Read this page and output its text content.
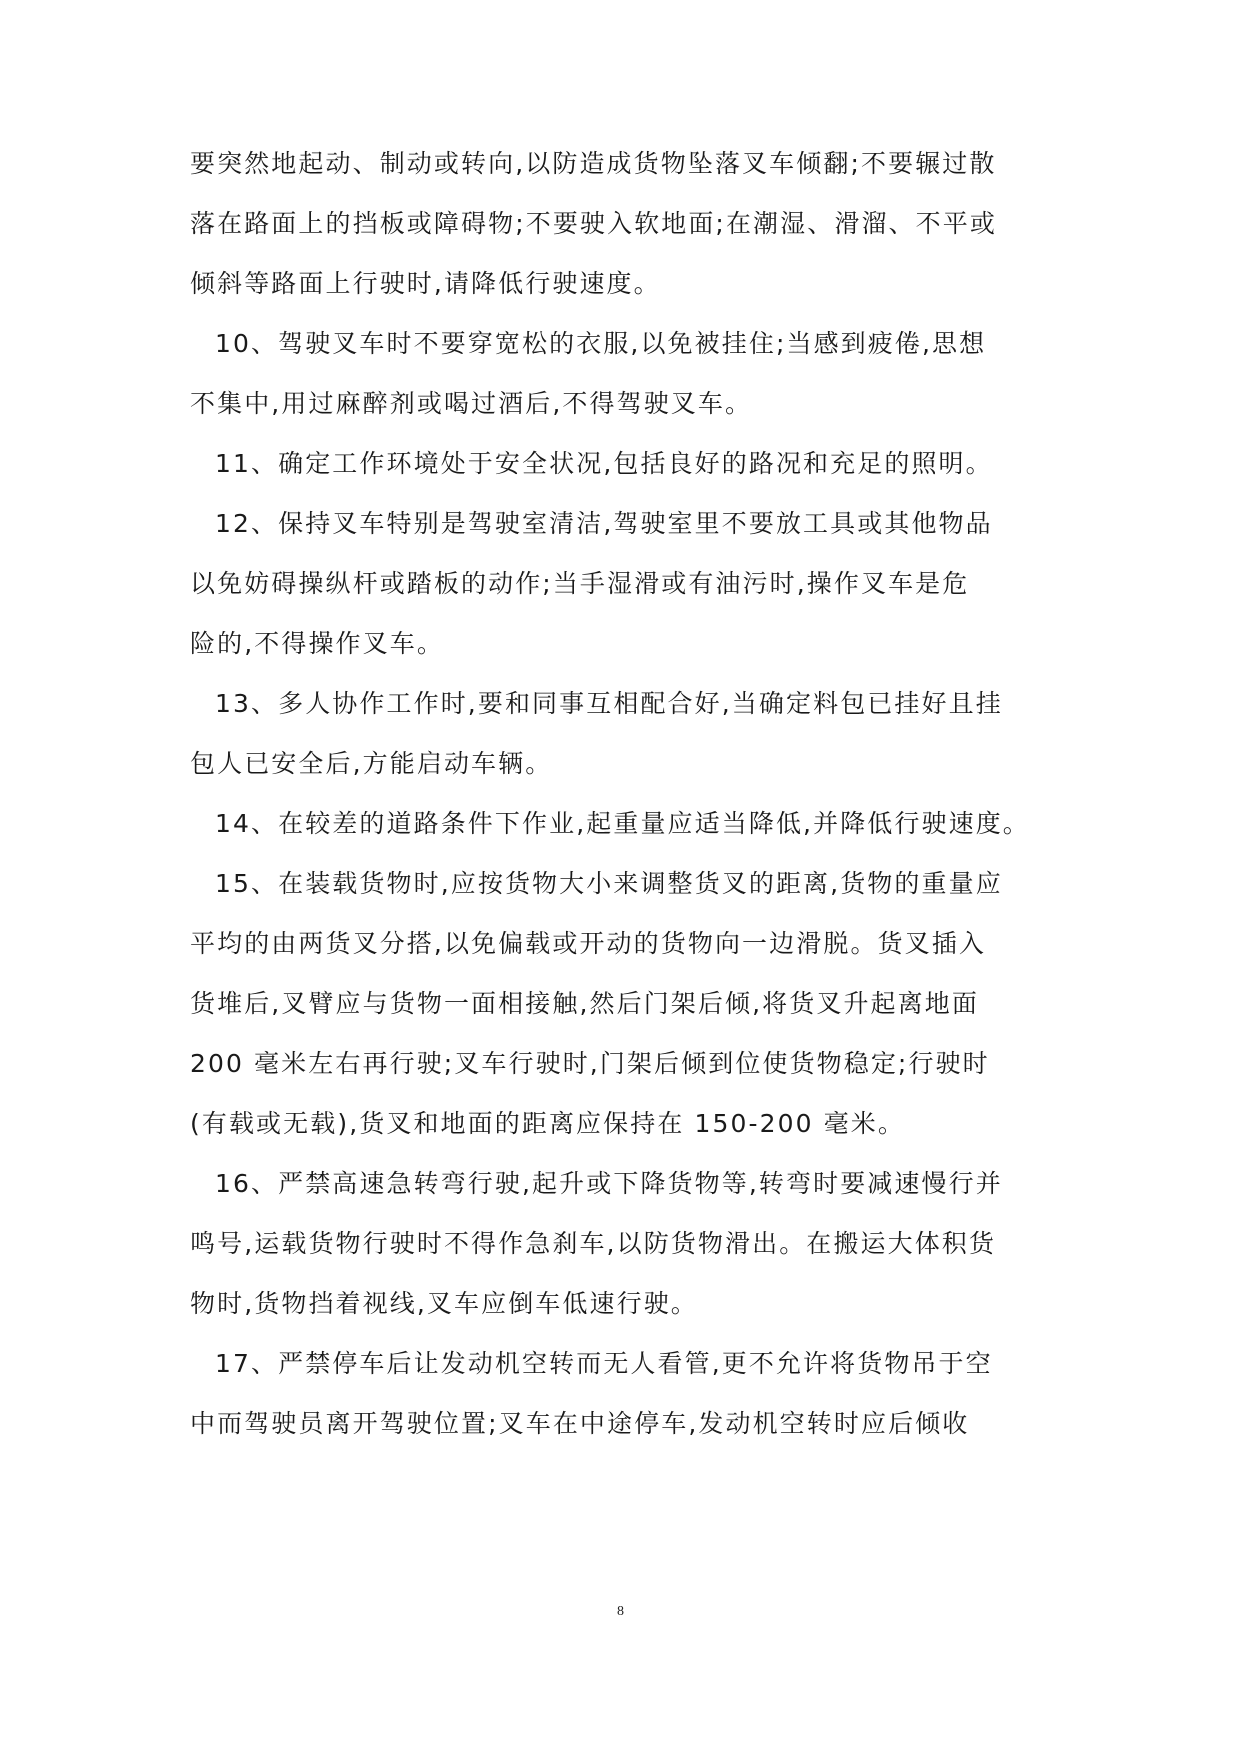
要突然地起动、制动或转向,以防造成货物坠落叉车倾翻;不要辗过散

落在路面上的挡板或障碍物;不要驶入软地面;在潮湿、滑溜、不平或

倾斜等路面上行驶时,请降低行驶速度。

10、驾驶叉车时不要穿宽松的衣服,以免被挂住;当感到疲倦,思想

不集中,用过麻醉剂或喝过酒后,不得驾驶叉车。

11、确定工作环境处于安全状况,包括良好的路况和充足的照明。

12、保持叉车特别是驾驶室清洁,驾驶室里不要放工具或其他物品

以免妨碍操纵杆或踏板的动作;当手湿滑或有油污时,操作叉车是危

险的,不得操作叉车。

13、多人协作工作时,要和同事互相配合好,当确定料包已挂好且挂

包人已安全后,方能启动车辆。

14、在较差的道路条件下作业,起重量应适当降低,并降低行驶速度。

15、在装载货物时,应按货物大小来调整货叉的距离,货物的重量应

平均的由两货叉分搭,以免偏载或开动的货物向一边滑脱。货叉插入

货堆后,叉臂应与货物一面相接触,然后门架后倾,将货叉升起离地面

200 毫米左右再行驶;叉车行驶时,门架后倾到位使货物稳定;行驶时

(有载或无载),货叉和地面的距离应保持在 150-200 毫米。

16、严禁高速急转弯行驶,起升或下降货物等,转弯时要减速慢行并

鸣号,运载货物行驶时不得作急刹车,以防货物滑出。在搬运大体积货

物时,货物挡着视线,叉车应倒车低速行驶。

17、严禁停车后让发动机空转而无人看管,更不允许将货物吊于空

中而驾驶员离开驾驶位置;叉车在中途停车,发动机空转时应后倾收

8
